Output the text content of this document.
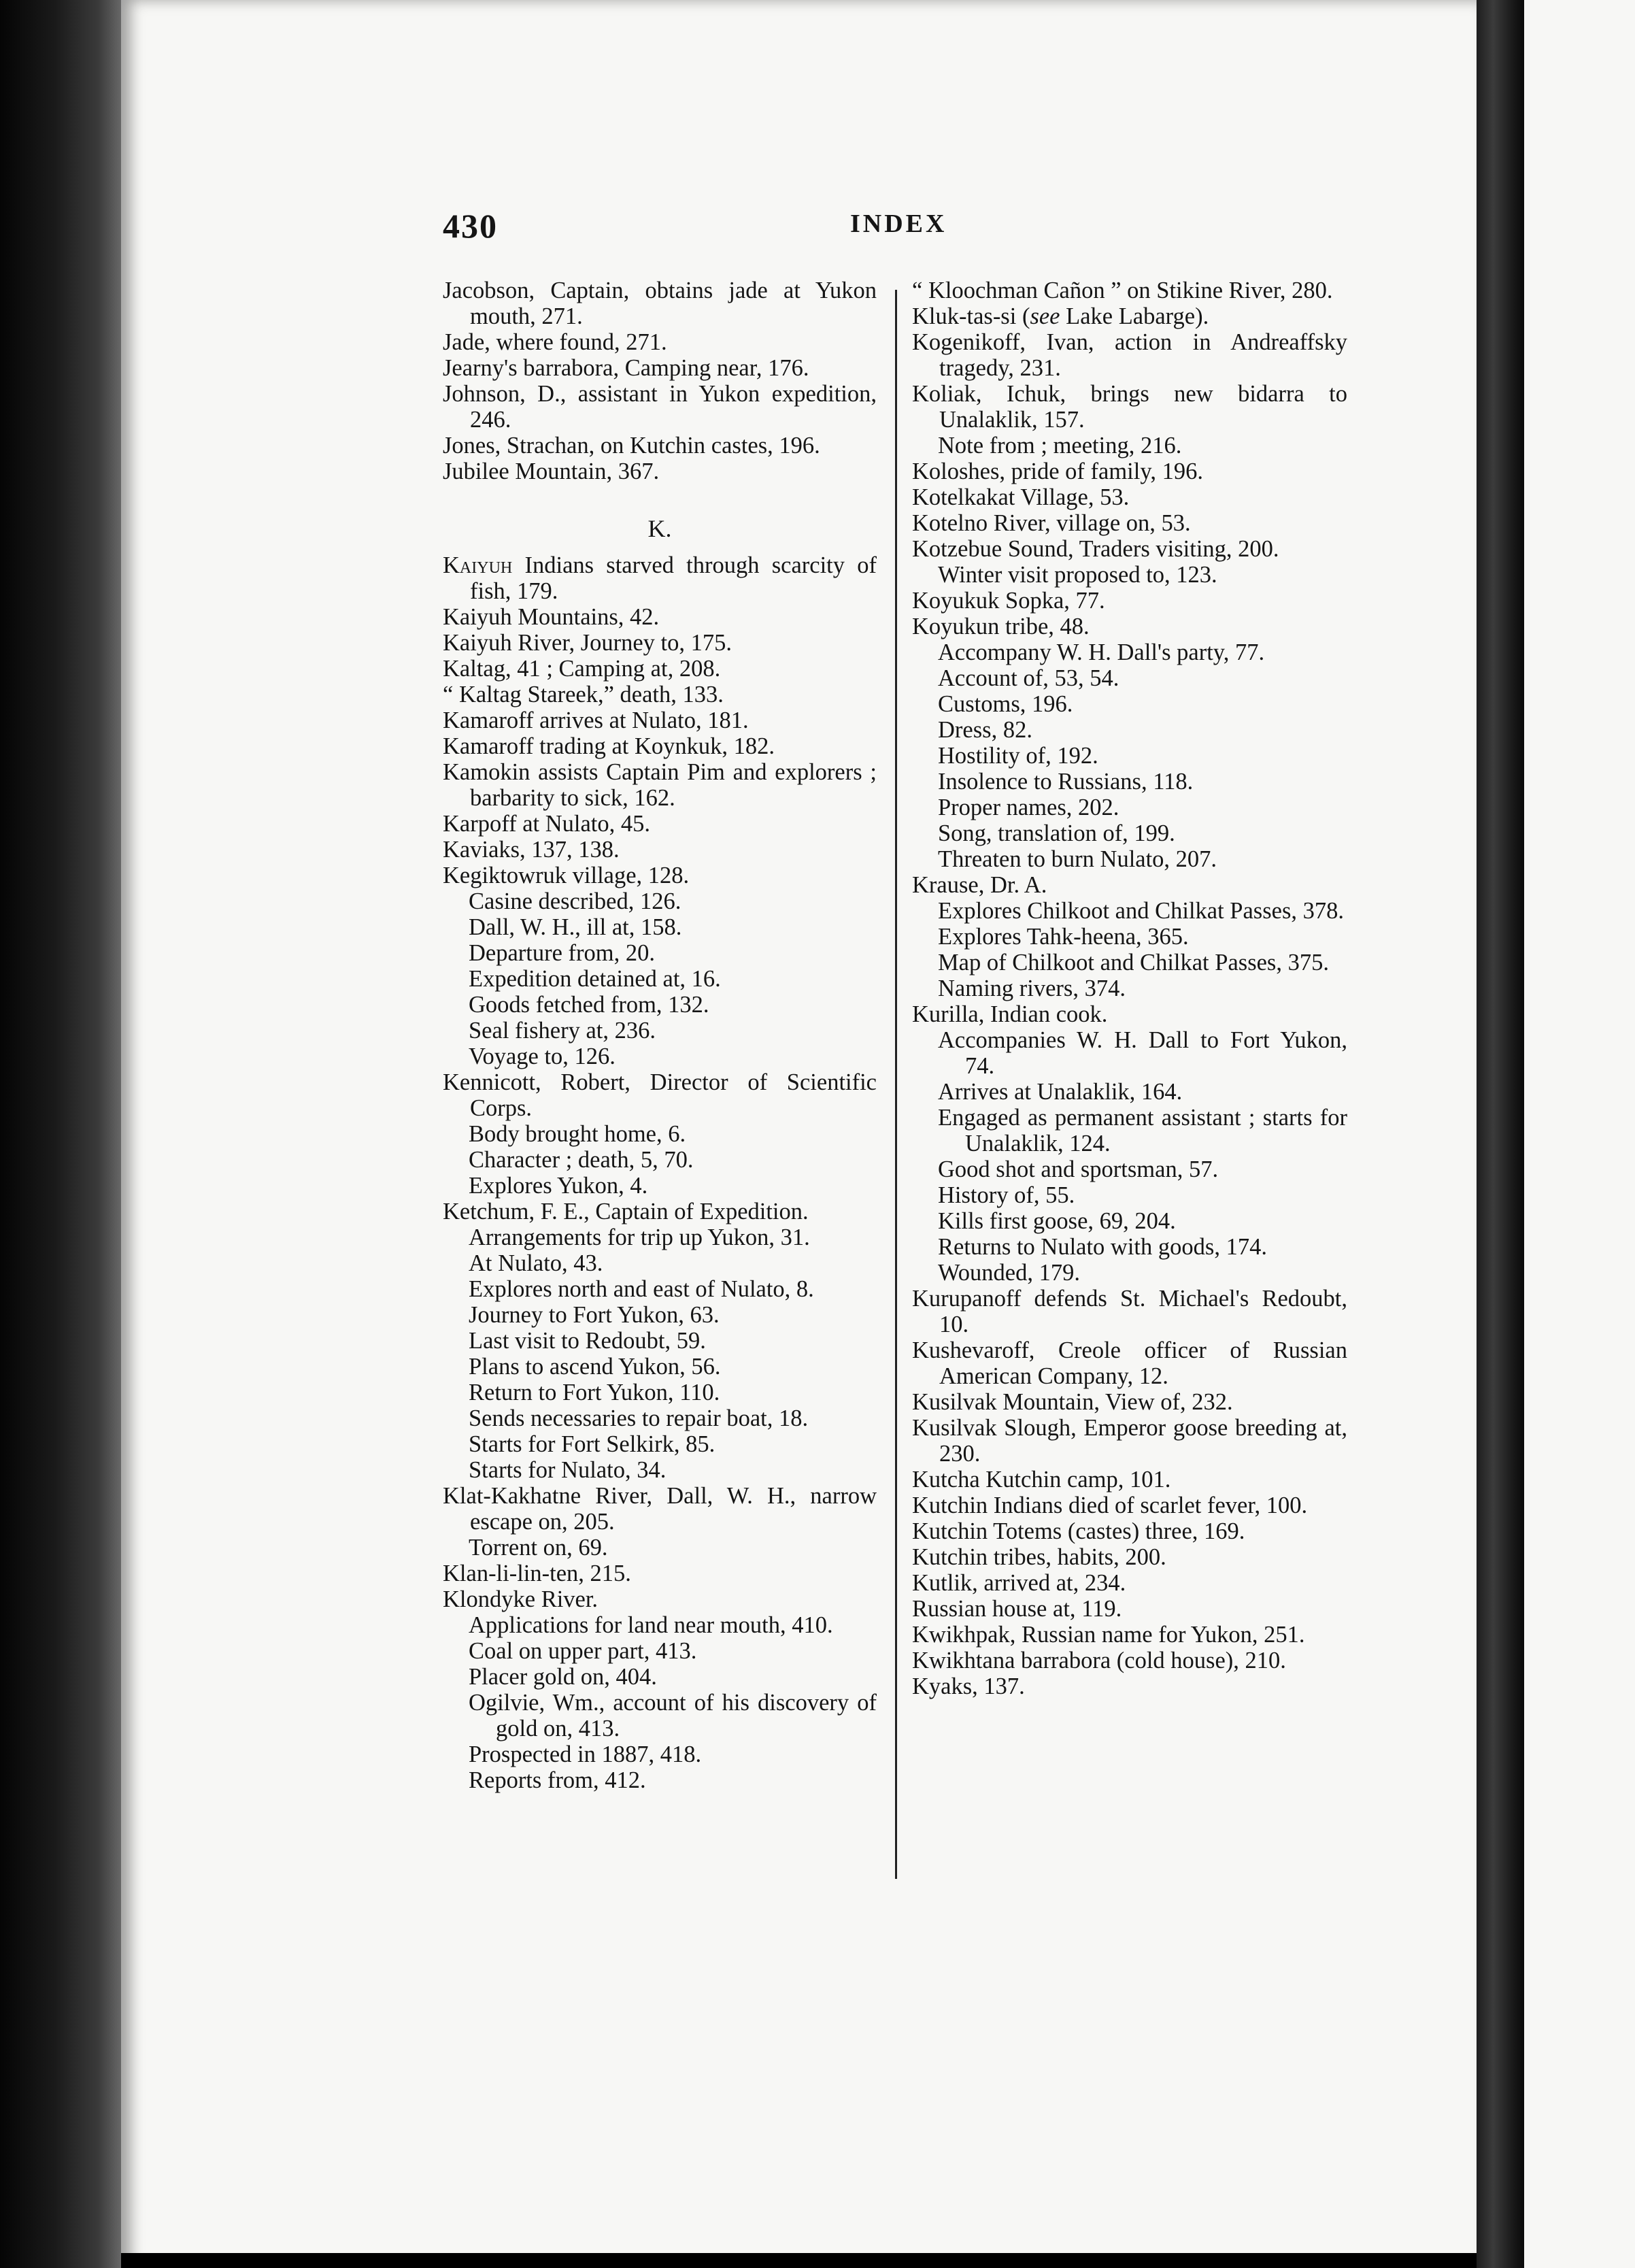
430	INDEX

Jacobson, Captain, obtains jade at Yukon mouth, 271.

Jade, where found, 271.

Jearny's barrabora, Camping near, 176.

Johnson, D., assistant in Yukon expedition, 246.

Jones, Strachan, on Kutchin castes, 196.

Jubilee Mountain, 367.

K.

Kaiyuh Indians starved through scarcity of fish, 179.

Kaiyuh Mountains, 42.

Kaiyuh River, Journey to, 175.

Kaltag, 41 ; Camping at, 208.

“ Kaltag Stareek,” death, 133.

Kamaroff arrives at Nulato, 181.

Kamaroff trading at Koynkuk, 182.

Kamokin assists Captain Pim and explorers ; barbarity to sick, 162.

Karpoff at Nulato, 45.

Kaviaks, 137, 138.

Kegiktowruk village, 128.

Casine described, 126.

Dall, W. H., ill at, 158.

Departure from, 20.

Expedition detained at, 16.

Goods fetched from, 132.

Seal fishery at, 236.

Voyage to, 126.

Kennicott, Robert, Director of Scientific Corps.

Body brought home, 6.

Character ; death, 5, 70.

Explores Yukon, 4.

Ketchum, F. E., Captain of Expedition.

Arrangements for trip up Yukon, 31.

At Nulato, 43.

Explores north and east of Nulato, 8.

Journey to Fort Yukon, 63.

Last visit to Redoubt, 59.

Plans to ascend Yukon, 56.

Return to Fort Yukon, 110.

Sends necessaries to repair boat, 18.

Starts for Fort Selkirk, 85.

Starts for Nulato, 34.

Klat-Kakhatne River, Dall, W. H., narrow escape on, 205.

Torrent on, 69.

Klan-li-lin-ten, 215.

Klondyke River.

Applications for land near mouth, 410.

Coal on upper part, 413.

Placer gold on, 404.

Ogilvie, Wm., account of his discovery of gold on, 413.

Prospected in 1887, 418.

Reports from, 412.

“ Kloochman Cañon ” on Stikine River, 280.

Kluk-tas-si (see Lake Labarge).

Kogenikoff, Ivan, action in Andreaffsky tragedy, 231.

Koliak, Ichuk, brings new bidarra to Unalaklik, 157.

Note from ; meeting, 216.

Koloshes, pride of family, 196.

Kotelkakat Village, 53.

Kotelno River, village on, 53.

Kotzebue Sound, Traders visiting, 200.

Winter visit proposed to, 123.

Koyukuk Sopka, 77.

Koyukun tribe, 48.

Accompany W. H. Dall's party, 77.

Account of, 53, 54.

Customs, 196.

Dress, 82.

Hostility of, 192.

Insolence to Russians, 118.

Proper names, 202.

Song, translation of, 199.

Threaten to burn Nulato, 207.

Krause, Dr. A.

Explores Chilkoot and Chilkat Passes, 378.

Explores Tahk-heena, 365.

Map of Chilkoot and Chilkat Passes, 375.

Naming rivers, 374.

Kurilla, Indian cook.

Accompanies W. H. Dall to Fort Yukon, 74.

Arrives at Unalaklik, 164.

Engaged as permanent assistant ; starts for Unalaklik, 124.

Good shot and sportsman, 57.

History of, 55.

Kills first goose, 69, 204.

Returns to Nulato with goods, 174.

Wounded, 179.

Kurupanoff defends St. Michael's Redoubt, 10.

Kushevaroff, Creole officer of Russian American Company, 12.

Kusilvak Mountain, View of, 232.

Kusilvak Slough, Emperor goose breeding at, 230.

Kutcha Kutchin camp, 101.

Kutchin Indians died of scarlet fever, 100.

Kutchin Totems (castes) three, 169.

Kutchin tribes, habits, 200.

Kutlik, arrived at, 234.

Russian house at, 119.

Kwikhpak, Russian name for Yukon, 251.

Kwikhtana barrabora (cold house), 210.

Kyaks, 137.
